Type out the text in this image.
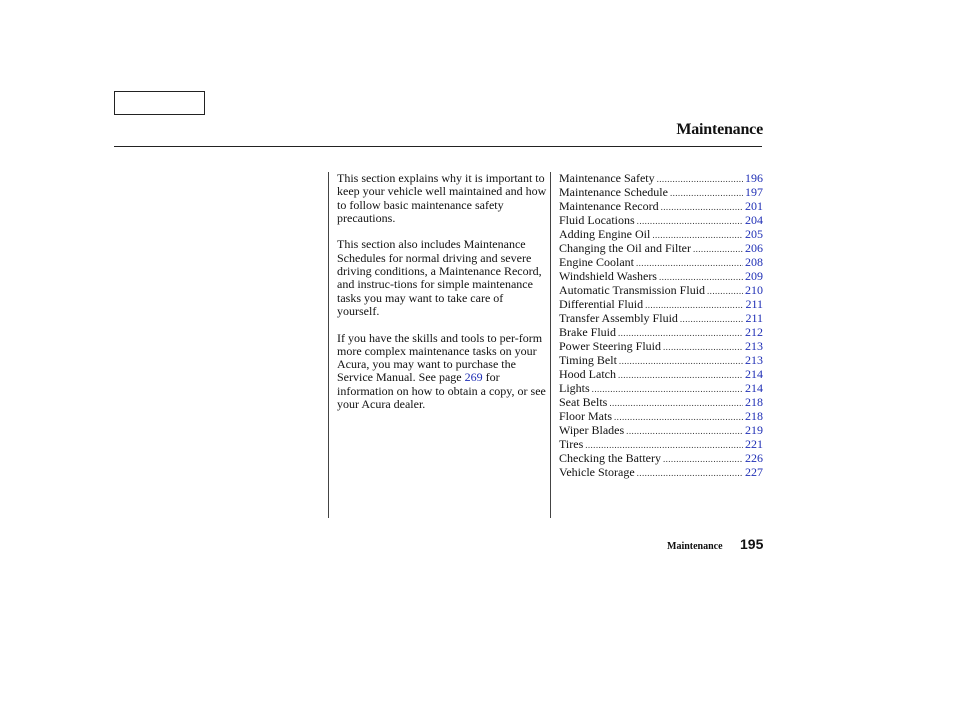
Maintenance

This section explains why it is important to keep your vehicle well maintained and how to follow basic maintenance safety precautions.

This section also includes Maintenance Schedules for normal driving and severe driving conditions, a Maintenance Record, and instruc-tions for simple maintenance tasks you may want to take care of yourself.

If you have the skills and tools to per-form more complex maintenance tasks on your Acura, you may want to purchase the Service Manual. See page 269 for information on how to obtain a copy, or see your Acura dealer.

Maintenance Safety .....	196
Maintenance Schedule .....	197
Maintenance Record .....	201
Fluid Locations .....	204
Adding Engine Oil .....	205
Changing the Oil and Filter .....	206
Engine Coolant .....	208
Windshield Washers .....	209
Automatic Transmission Fluid .....	210
Differential Fluid .....	211
Transfer Assembly Fluid .....	211
Brake Fluid .....	212
Power Steering Fluid .....	213
Timing Belt .....	213
Hood Latch .....	214
Lights .....	214
Seat Belts .....	218
Floor Mats .....	218
Wiper Blades .....	219
Tires .....	221
Checking the Battery .....	226
Vehicle Storage .....	227
Maintenance 195
